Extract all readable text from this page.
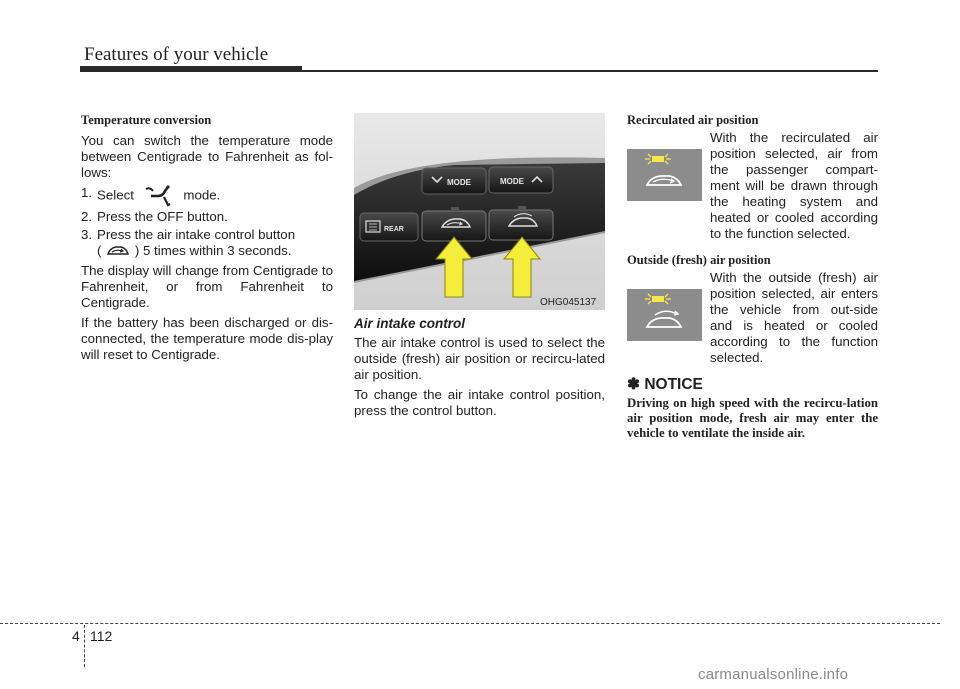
Features of your vehicle
Temperature conversion

You can switch the temperature mode between Centigrade to Fahrenheit as fol-lows:

1. Select	mode.
2. Press the OFF button.
3. Press the air intake control button
(	) 5 times within 3 seconds.

The display will change from Centigrade to Fahrenheit, or from Fahrenheit to Centigrade.

If the battery has been discharged or dis-connected, the temperature mode dis-play will reset to Centigrade.

MODE	MODE
REAR
OHG045137
Air intake control

The air intake control is used to select the outside (fresh) air position or recircu-lated air position.

To change the air intake control position, press the control button.

Recirculated air position

With the recirculated air position selected, air from the passenger compart-ment will be drawn through the heating system and heated or cooled according to the function selected.

Outside (fresh) air position

With the outside (fresh) air position selected, air enters the vehicle from out-side and is heated or cooled according to the function selected.

✽ NOTICE
Driving on high speed with the recircu-lation air position mode, fresh air may enter the vehicle to ventilate the inside air.
4 112
carmanualsonline.info
